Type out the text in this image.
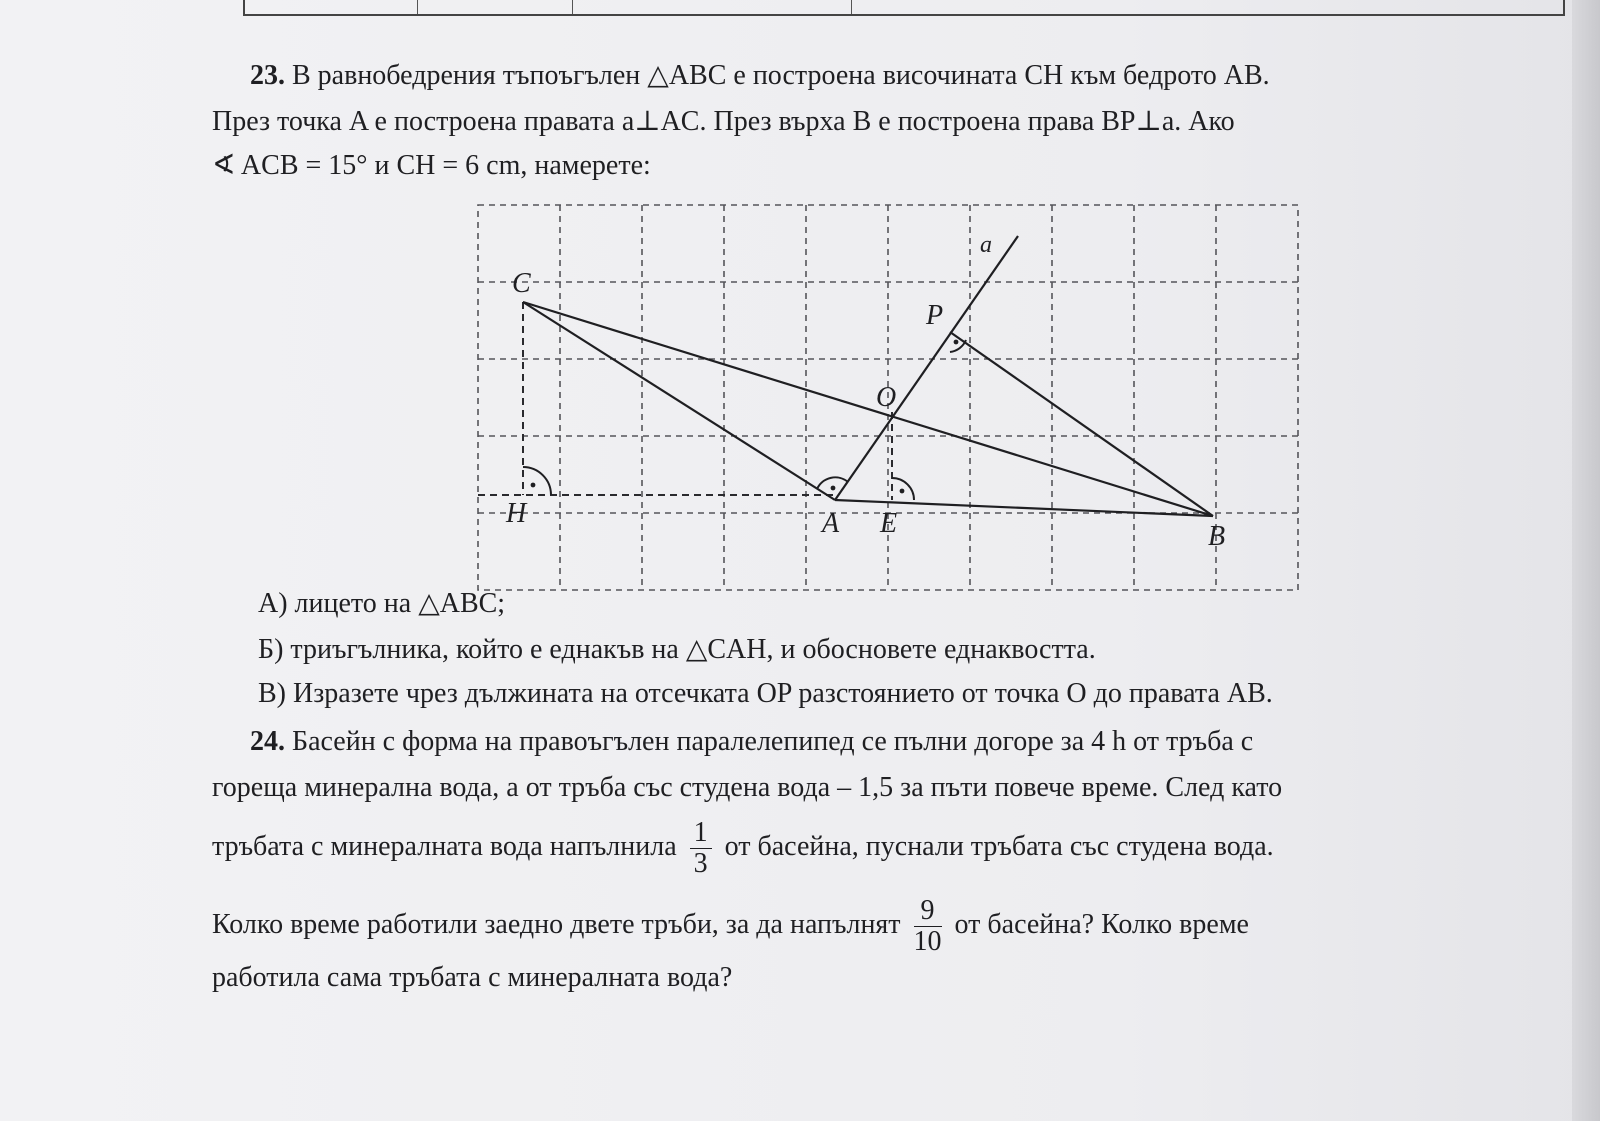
23. В равнобедрения тъпоъгълен △ABC е построена височината CH към бедрото AB.
През точка A е построена правата a⊥AC. През върха B е построена права BP⊥a. Ако
∢ ACB = 15° и CH = 6 cm, намерете:
C
H	A E	B
O
P
a
А) лицето на △ABC;
Б) триъгълника, който е еднакъв на △CAH, и обосновете еднаквостта.
В) Изразете чрез дължината на отсечката OP разстоянието от точка O до правата AB.
24. Басейн с форма на правоъгълен паралелепипед се пълни догоре за 4 h от тръба с
гореща минерална вода, а от тръба със студена вода – 1,5 за пъти повече време. След като
тръбата с минералната вода напълнила $\frac{1}{3}$ от басейна, пуснали тръбата със студена вода.
Колко време работили заедно двете тръби, за да напълнят $\frac{9}{10}$ от басейна? Колко време
работила сама тръбата с минералната вода?
